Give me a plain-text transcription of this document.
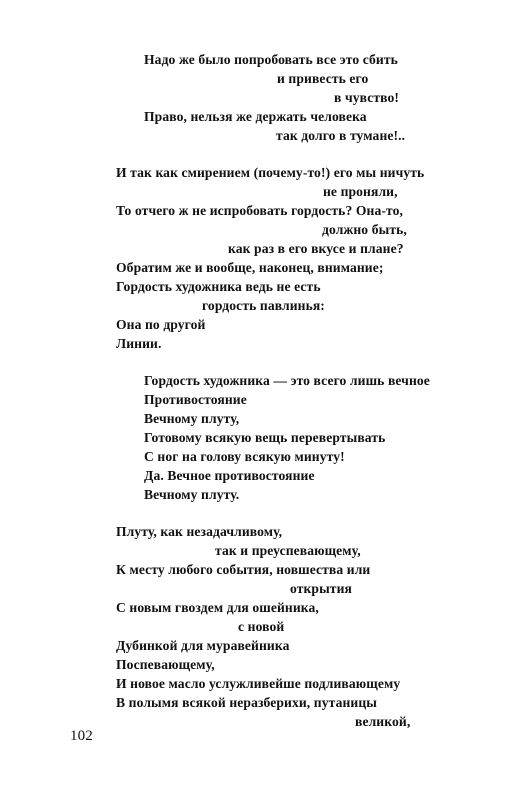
Надо же было попробовать все это сбить
и привесть его
в чувство!
Право, нельзя же держать человека
так долго в тумане!..
И так как смирением (почему-то!) его мы ничуть
не проняли,
То отчего ж не испробовать гордость? Она-то,
должно быть,
как раз в его вкусе и плане?
Обратим же и вообще, наконец, внимание;
Гордость художника ведь не есть
гордость павлинья:
Она по другой
Линии.
Гордость художника — это всего лишь вечное
Противостояние
Вечному плуту,
Готовому всякую вещь перевертывать
С ног на голову всякую минуту!
Да. Вечное противостояние
Вечному плуту.
Плуту, как незадачливому,
так и преуспевающему,
К месту любого события, новшества или
открытия
С новым гвоздем для ошейника,
с новой
Дубинкой для муравейника
Поспевающему,
И новое масло услужливейше подливающему
В полымя всякой неразберихи, путаницы
великой,
102
